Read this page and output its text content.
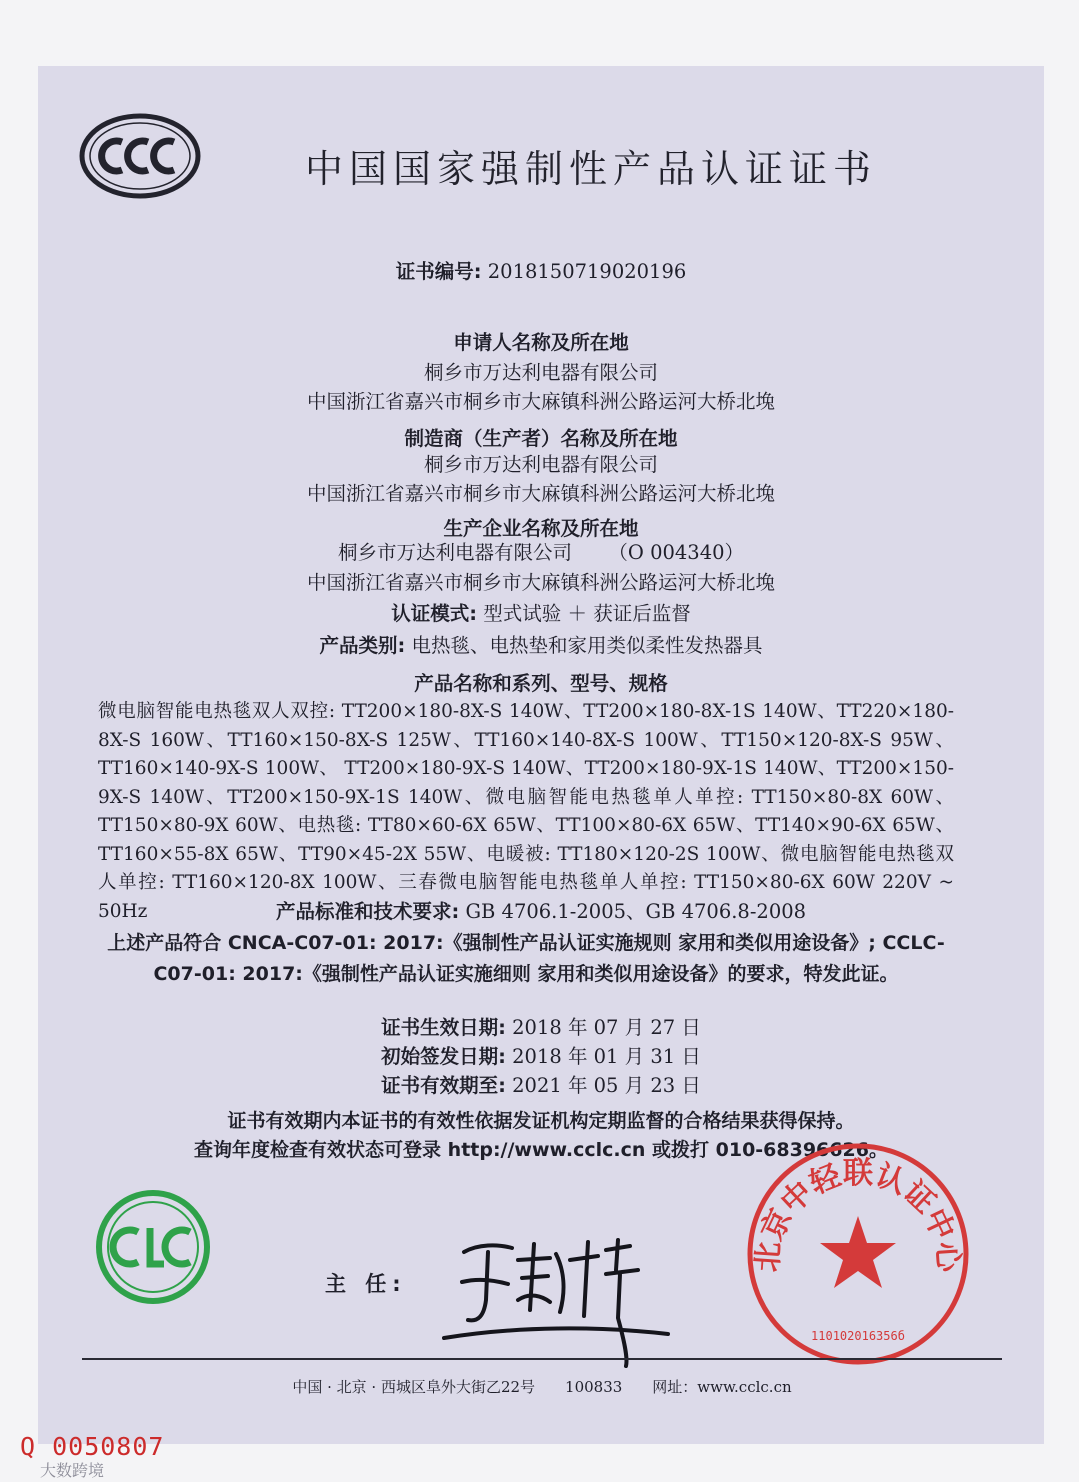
中国国家强制性产品认证证书
证书编号: 2018150719020196
申请人名称及所在地
桐乡市万达利电器有限公司
中国浙江省嘉兴市桐乡市大麻镇科洲公路运河大桥北堍
制造商（生产者）名称及所在地
桐乡市万达利电器有限公司
中国浙江省嘉兴市桐乡市大麻镇科洲公路运河大桥北堍
生产企业名称及所在地
桐乡市万达利电器有限公司 （O 004340）
中国浙江省嘉兴市桐乡市大麻镇科洲公路运河大桥北堍
认证模式: 型式试验 ＋ 获证后监督
产品类别: 电热毯、电热垫和家用类似柔性发热器具
产品名称和系列、型号、规格
微电脑智能电热毯双人双控: TT200×180-8X-S 140W、TT200×180-8X-1S 140W、TT220×180-8X-S 160W、TT160×150-8X-S 125W、TT160×140-8X-S 100W、TT150×120-8X-S 95W、TT160×140-9X-S 100W、 TT200×180-9X-S 140W、TT200×180-9X-1S 140W、TT200×150-9X-S 140W、TT200×150-9X-1S 140W、微电脑智能电热毯单人单控: TT150×80-8X 60W、TT150×80-9X 60W、电热毯: TT80×60-6X 65W、TT100×80-6X 65W、TT140×90-6X 65W、TT160×55-8X 65W、TT90×45-2X 55W、电暖被: TT180×120-2S 100W、微电脑智能电热毯双人单控: TT160×120-8X 100W、三春微电脑智能电热毯单人单控: TT150×80-6X 60W 220V ~ 50Hz	产品标准和技术要求: GB 4706.1-2005、GB 4706.8-2008
上述产品符合 CNCA-C07-01: 2017:《强制性产品认证实施规则 家用和类似用途设备》; CCLC-C07-01: 2017:《强制性产品认证实施细则 家用和类似用途设备》的要求，特发此证。
证书生效日期: 2018 年 07 月 27 日
初始签发日期: 2018 年 01 月 31 日
证书有效期至: 2021 年 05 月 23 日
证书有效期内本证书的有效性依据发证机构定期监督的合格结果获得保持。
查询年度检查有效状态可登录 http://www.cclc.cn 或拨打 010-68396626。
主 任:
北京中轻联认证中心
110102016356б
中国 · 北京 · 西城区阜外大街乙22号　　100833　　网址：www.cclc.cn
Q 0050807
大数跨境
